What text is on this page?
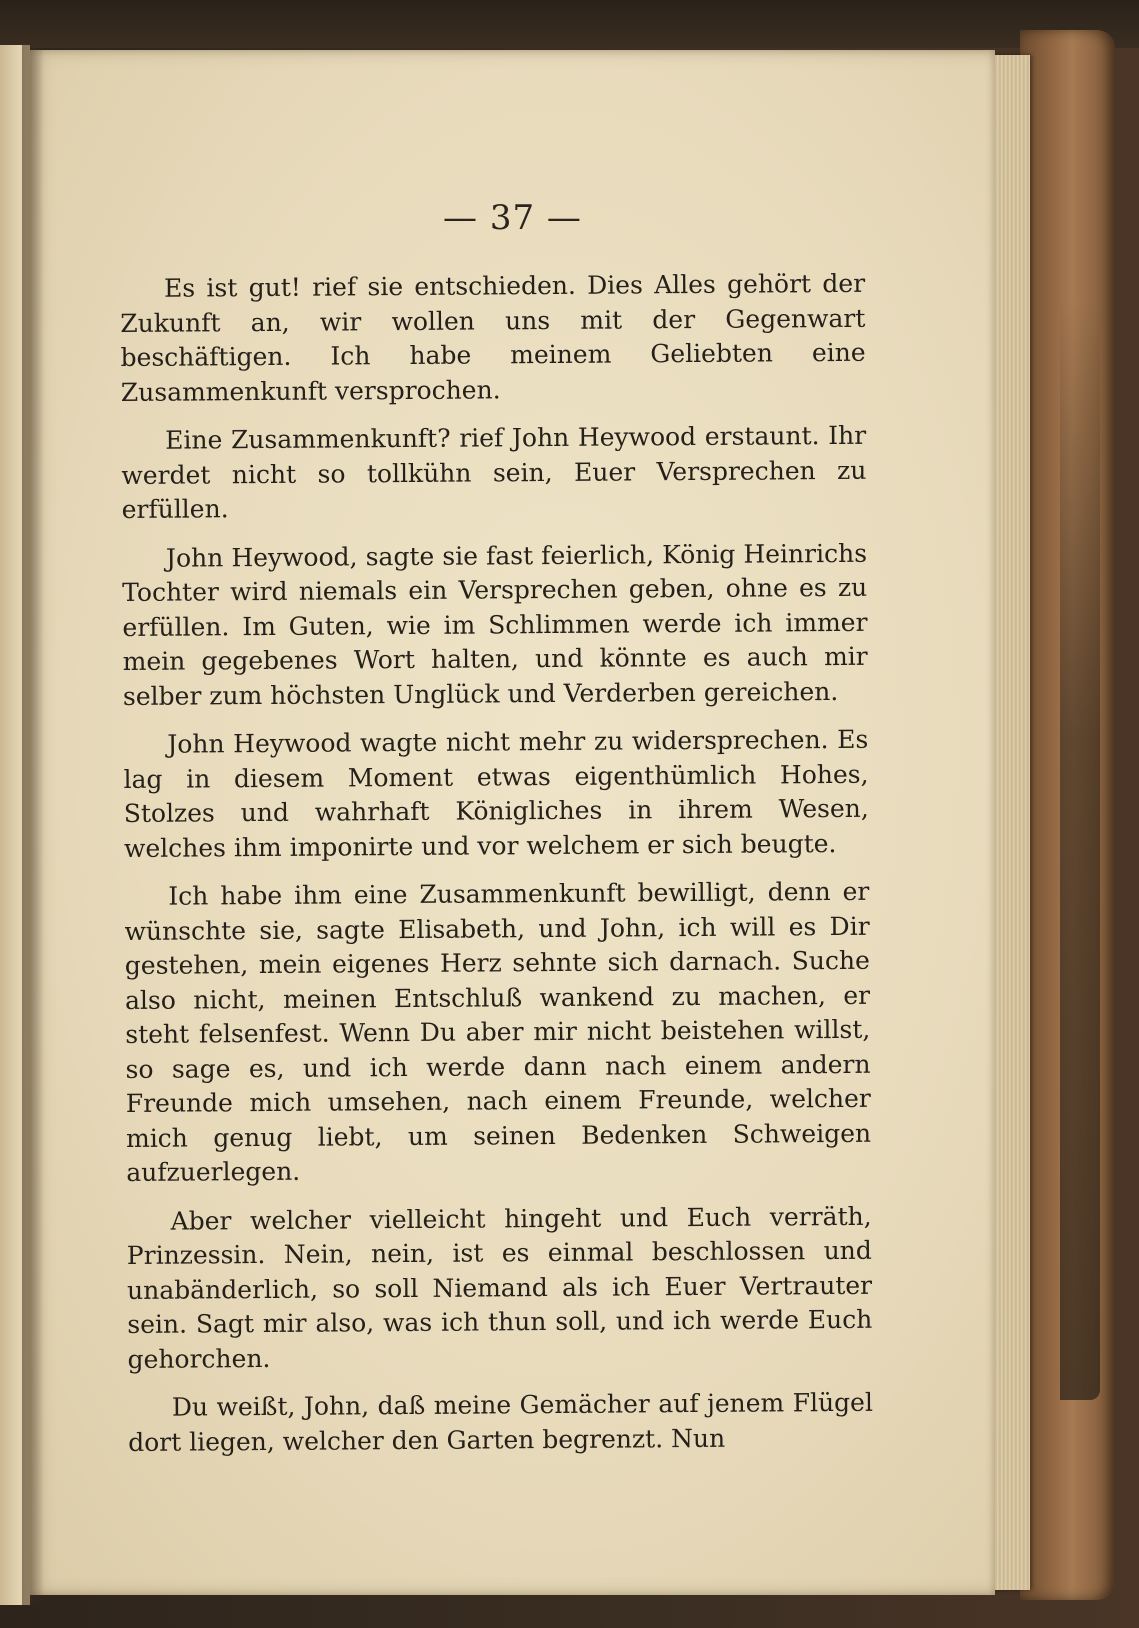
— 37 —

Es ist gut! rief sie entschieden. Dies Alles gehört der Zukunft an, wir wollen uns mit der Gegenwart beschäftigen. Ich habe meinem Geliebten eine Zusammenkunft versprochen.

Eine Zusammenkunft? rief John Heywood erstaunt. Ihr werdet nicht so tollkühn sein, Euer Versprechen zu erfüllen.

John Heywood, sagte sie fast feierlich, König Heinrichs Tochter wird niemals ein Versprechen geben, ohne es zu erfüllen. Im Guten, wie im Schlimmen werde ich immer mein gegebenes Wort halten, und könnte es auch mir selber zum höchsten Unglück und Verderben gereichen.

John Heywood wagte nicht mehr zu widersprechen. Es lag in diesem Moment etwas eigenthümlich Hohes, Stolzes und wahrhaft Königliches in ihrem Wesen, welches ihm imponirte und vor welchem er sich beugte.

Ich habe ihm eine Zusammenkunft bewilligt, denn er wünschte sie, sagte Elisabeth, und John, ich will es Dir gestehen, mein eigenes Herz sehnte sich darnach. Suche also nicht, meinen Entschluß wankend zu machen, er steht felsenfest. Wenn Du aber mir nicht beistehen willst, so sage es, und ich werde dann nach einem andern Freunde mich umsehen, nach einem Freunde, welcher mich genug liebt, um seinen Bedenken Schweigen aufzuerlegen.

Aber welcher vielleicht hingeht und Euch verräth, Prinzessin. Nein, nein, ist es einmal beschlossen und unabänderlich, so soll Niemand als ich Euer Vertrauter sein. Sagt mir also, was ich thun soll, und ich werde Euch gehorchen.

Du weißt, John, daß meine Gemächer auf jenem Flügel dort liegen, welcher den Garten begrenzt. Nun
